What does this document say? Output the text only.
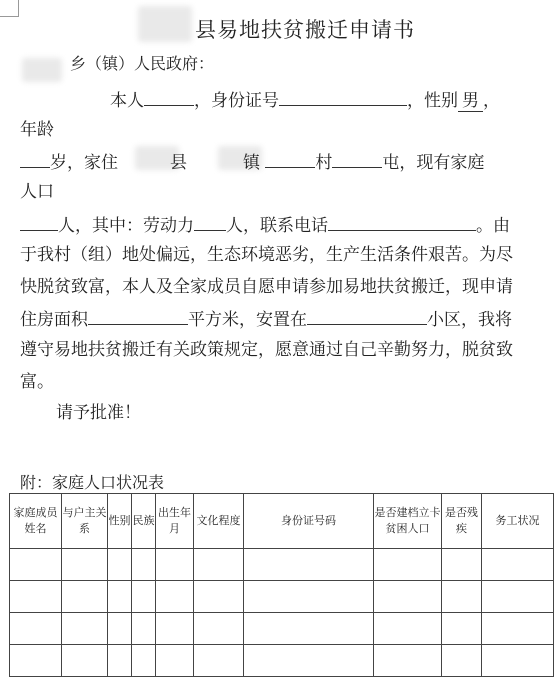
县易地扶贫搬迁申请书
乡（镇）人民政府：
本人	，身份证号	，性别 男 ，
年龄
岁，家住	县	镇	村	屯，现有家庭
人口
人，其中：劳动力 人，联系电话	。由
于我村（组）地处偏远，生态环境恶劣，生产生活条件艰苦。为尽
快脱贫致富，本人及全家成员自愿申请参加易地扶贫搬迁，现申请
住房面积	平方米，安置在	小区，我将
遵守易地扶贫搬迁有关政策规定，愿意通过自己辛勤努力，脱贫致
富。
请予批准！
附：家庭人口状况表
家庭成员姓名	与户主关系	性别	民族	出生年月	文化程度	身份证号码	是否建档立卡贫困人口	是否残疾	务工状况
